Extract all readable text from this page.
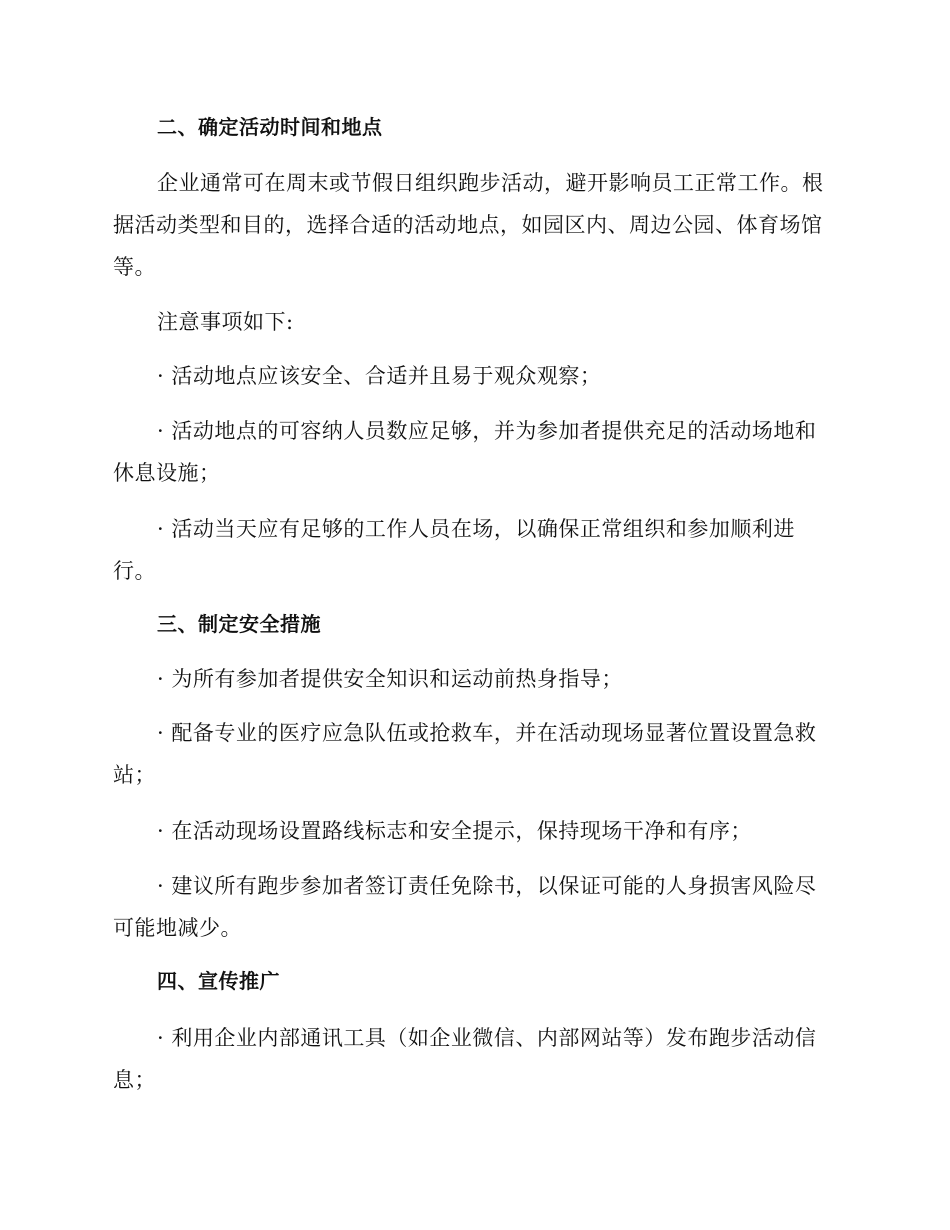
二、确定活动时间和地点

企业通常可在周末或节假日组织跑步活动，避开影响员工正常工作。根据活动类型和目的，选择合适的活动地点，如园区内、周边公园、体育场馆等。

注意事项如下:

· 活动地点应该安全、合适并且易于观众观察；

· 活动地点的可容纳人员数应足够，并为参加者提供充足的活动场地和休息设施；

· 活动当天应有足够的工作人员在场，以确保正常组织和参加顺利进行。

三、制定安全措施

· 为所有参加者提供安全知识和运动前热身指导；

· 配备专业的医疗应急队伍或抢救车，并在活动现场显著位置设置急救站；

· 在活动现场设置路线标志和安全提示，保持现场干净和有序；

· 建议所有跑步参加者签订责任免除书，以保证可能的人身损害风险尽可能地减少。

四、宣传推广

· 利用企业内部通讯工具（如企业微信、内部网站等）发布跑步活动信息；
